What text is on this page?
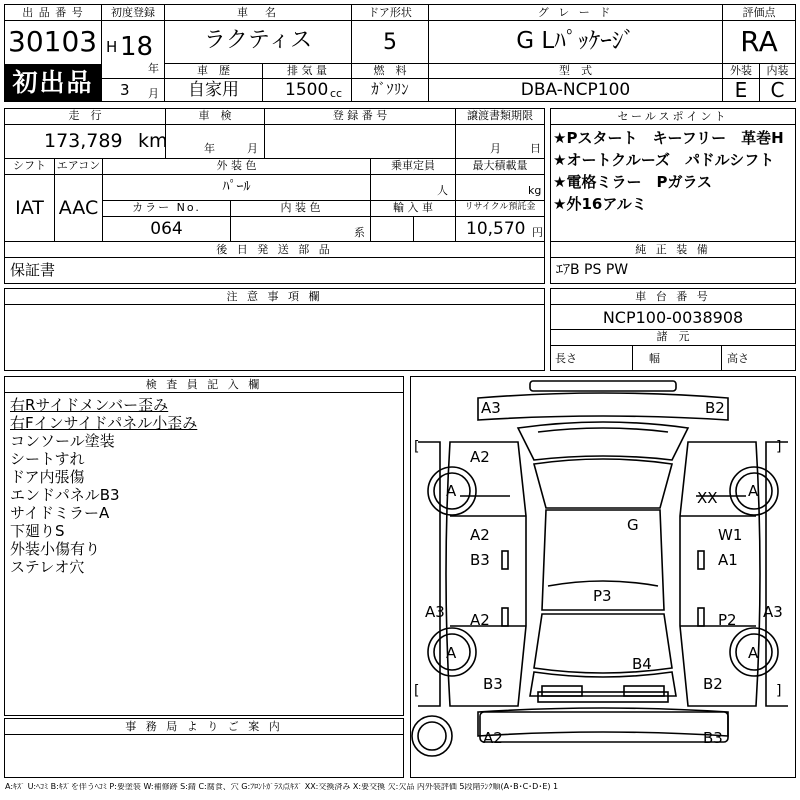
出 品 番 号
30103
初出品
初度登録
H 18
年
3 月
車　名
ラクティス
ドア形状
5
グ レ ー ド
G Lﾊﾟｯｹｰｼﾞ
評価点
RA
車　歴
自家用
排 気 量
1500 cc
燃　料
ｶﾞｿﾘﾝ
型　式
DBA-NCP100
外装	内装
E	C
走　行
173,789 km
車　検
年	月
登 録 番 号	譲渡書類期限
月	日
シフト
IAT
エアコン
AAC
外 装 色
ﾊﾟｰﾙ
乗車定員
人
最大積載量
kg
カラー No.
064
内 装 色
系
輸 入 車	リサイクル預託金
10,570 円
後 日 発 送 部 品
保証書
セールスポイント
★Pスタート　キーフリー　革巻H
★オートクルーズ　パドルシフト
★電格ミラー　Pガラス
★外16アルミ
純 正 装 備
ｴｱB PS PW
注 意 事 項 欄	車 台 番 号
NCP100-0038908
諸　元
長さ	幅	高さ
検 査 員 記 入 欄
右Rサイドメンバー歪み
右Fインサイドパネル小歪み
コンソール塗装
シートすれ
ドア内張傷
エンドパネルB3
サイドミラーA
下廻りS
外装小傷有り
ステレオ穴
事 務 局 よ り ご 案 内
A3	B2
[	]
A2
A	A
XX
G
A2	W1
B3	A1
P3
A3	A3
A2	P2
A	A
B4
[	]
B3	B2
A2	B3
A:ｷｽﾞ U:ﾍｺﾐ B:ｷｽﾞを伴うﾍｺﾐ P:要塗装 W:補修跡 S:錆 C:腐食、穴 G:ﾌﾛﾝﾄｶﾞﾗｽ点ｷｽﾞ XX:交換済み X:要交換 欠:欠品 内外装評価 5段階ﾗﾝｸ順(A･B･C･D･E) 1
